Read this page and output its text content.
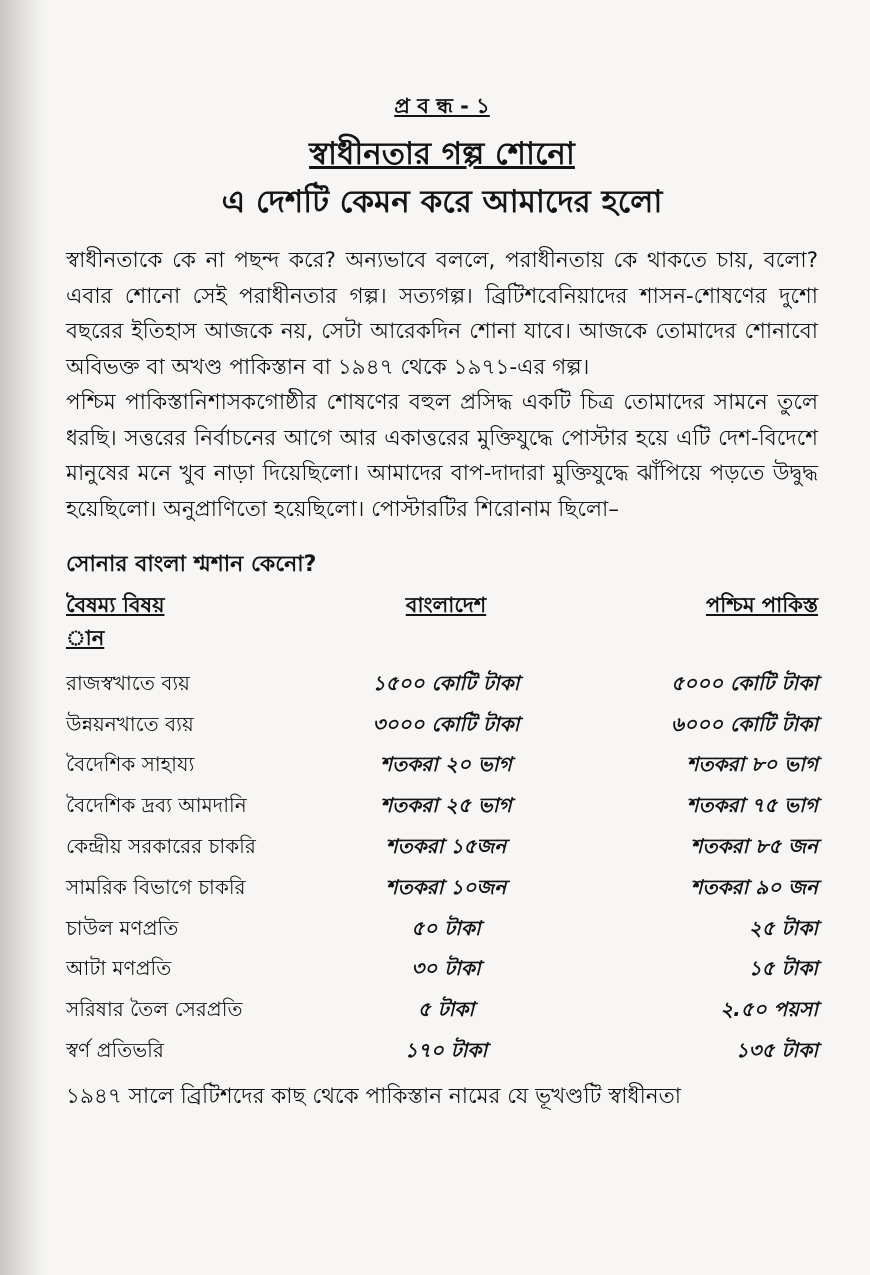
প্র ব ন্ধ - ১
স্বাধীনতার গল্প শোনো
এ দেশটি কেমন করে আমাদের হলো

স্বাধীনতাকে কে না পছন্দ করে? অন্যভাবে বললে, পরাধীনতায় কে থাকতে চায়, বলো? এবার শোনো সেই পরাধীনতার গল্প। সত্যগল্প। ব্রিটিশবেনিয়াদের শাসন-শোষণের দুশো বছরের ইতিহাস আজকে নয়, সেটা আরেকদিন শোনা যাবে। আজকে তোমাদের শোনাবো অবিভক্ত বা অখণ্ড পাকিস্তান বা ১৯৪৭ থেকে ১৯৭১-এর গল্প।

পশ্চিম পাকিস্তানিশাসকগোষ্ঠীর শোষণের বহুল প্রসিদ্ধ একটি চিত্র তোমাদের সামনে তুলে ধরছি। সত্তরের নির্বাচনের আগে আর একাত্তরের মুক্তিযুদ্ধে পোস্টার হয়ে এটি দেশ-বিদেশে মানুষের মনে খুব নাড়া দিয়েছিলো। আমাদের বাপ-দাদারা মুক্তিযুদ্ধে ঝাঁপিয়ে পড়তে উদ্বুদ্ধ হয়েছিলো। অনুপ্রাণিতো হয়েছিলো। পোস্টারটির শিরোনাম ছিলো–

সোনার বাংলা শ্মশান কেনো?
বৈষম্য বিষয়	বাংলাদেশ	পশ্চিম পাকিস্ত
ান
রাজস্বখাতে ব্যয়	১৫০০ কোটি টাকা	৫০০০ কোটি টাকা
উন্নয়নখাতে ব্যয়	৩০০০ কোটি টাকা	৬০০০ কোটি টাকা
বৈদেশিক সাহায্য	শতকরা ২০ ভাগ	শতকরা ৮০ ভাগ
বৈদেশিক দ্রব্য আমদানি	শতকরা ২৫ ভাগ	শতকরা ৭৫ ভাগ
কেন্দ্রীয় সরকারের চাকরি	শতকরা ১৫জন	শতকরা ৮৫ জন
সামরিক বিভাগে চাকরি	শতকরা ১০জন	শতকরা ৯০ জন
চাউল মণপ্রতি	৫০ টাকা	২৫ টাকা
আটা মণপ্রতি	৩০ টাকা	১৫ টাকা
সরিষার তৈল সেরপ্রতি	৫ টাকা	২.৫০ পয়সা
স্বর্ণ প্রতিভরি	১৭০ টাকা	১৩৫ টাকা
১৯৪৭ সালে ব্রিটিশদের কাছ থেকে পাকিস্তান নামের যে ভূখণ্ডটি স্বাধীনতা
